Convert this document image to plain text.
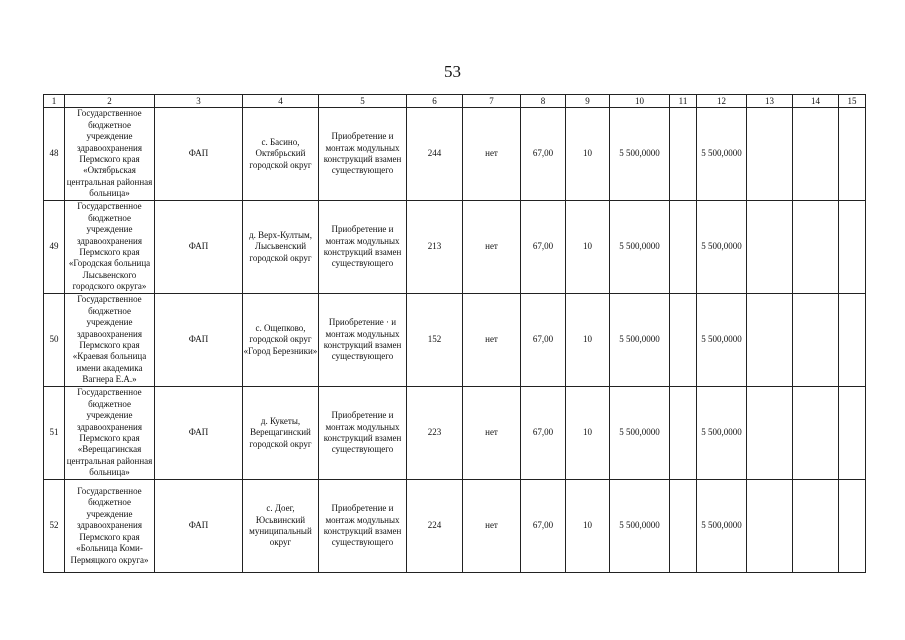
53
1	2	3	4	5	6	7	8	9	10	11	12	13	14	15
48	Государственное бюджетное учреждение здравоохранения Пермского края «Октябрьская центральная районная больница»	ФАП	с. Басино, Октябрьский городской округ	Приобретение и монтаж модульных конструкций взамен существующего	244	нет	67,00	10	5 500,0000		5 500,0000			
49	Государственное бюджетное учреждение здравоохранения Пермского края «Городская больница Лысьвенского городского округа»	ФАП	д. Верх-Култым, Лысьвенский городской округ	Приобретение и монтаж модульных конструкций взамен существующего	213	нет	67,00	10	5 500,0000		5 500,0000			
50	Государственное бюджетное учреждение здравоохранения Пермского края «Краевая больница имени академика Вагнера Е.А.»	ФАП	с. Ощепково, городской округ «Город Березники»	Приобретение · и монтаж модульных конструкций взамен существующего	152	нет	67,00	10	5 500,0000		5 500,0000			
51	Государственное бюджетное учреждение здравоохранения Пермского края «Верещагинская центральная районная больница»	ФАП	д. Кукеты, Верещагинский городской округ	Приобретение и монтаж модульных конструкций взамен существующего	223	нет	67,00	10	5 500,0000		5 500,0000			
52	Государственное бюджетное учреждение здравоохранения Пермского края «Больница Коми-Пермяцкого округа»	ФАП	с. Доег, Юсьвинский муниципальный округ	Приобретение и монтаж модульных конструкций взамен существующего	224	нет	67,00	10	5 500,0000		5 500,0000			
